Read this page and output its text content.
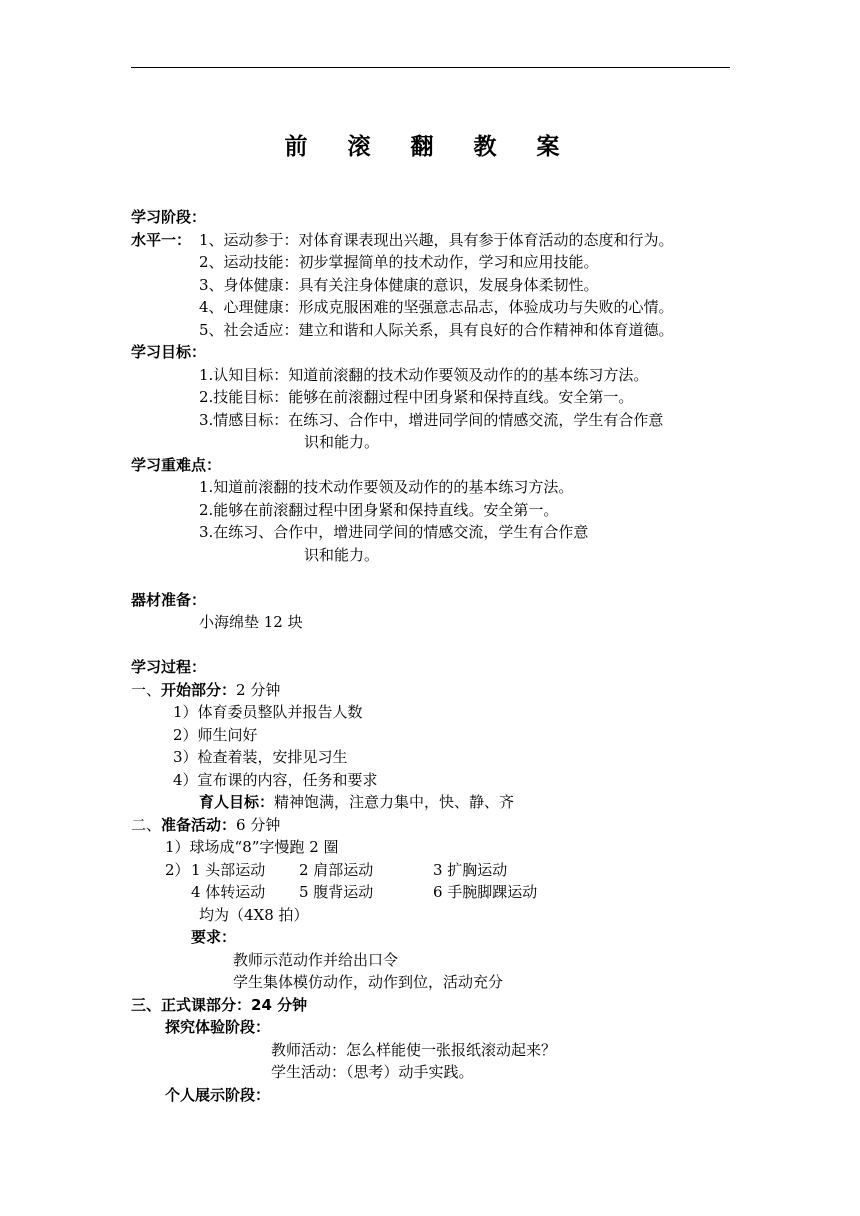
前 滚 翻 教 案
学习阶段：
水平一： 1、运动参于：对体育课表现出兴趣，具有参于体育活动的态度和行为。
2、运动技能：初步掌握简单的技术动作，学习和应用技能。
3、身体健康：具有关注身体健康的意识，发展身体柔韧性。
4、心理健康：形成克服困难的坚强意志品志，体验成功与失败的心情。
5、社会适应：建立和谐和人际关系，具有良好的合作精神和体育道德。
学习目标：
1.认知目标：知道前滚翻的技术动作要领及动作的的基本练习方法。
2.技能目标：能够在前滚翻过程中团身紧和保持直线。安全第一。
3.情感目标：在练习、合作中，增进同学间的情感交流，学生有合作意
识和能力。
学习重难点：
1.知道前滚翻的技术动作要领及动作的的基本练习方法。
2.能够在前滚翻过程中团身紧和保持直线。安全第一。
3.在练习、合作中，增进同学间的情感交流，学生有合作意
识和能力。
器材准备：
小海绵垫 12 块
学习过程：
一、开始部分：2 分钟
1）体育委员整队并报告人数
2）师生问好
3）检查着装，安排见习生
4）宣布课的内容，任务和要求
育人目标：精神饱满，注意力集中，快、静、齐
二、准备活动：6 分钟
1）球场成“8”字慢跑 2 圈
2） 1 头部运动 2 肩部运动	3 扩胸运动
4 体转运动 5 腹背运动	6 手腕脚踝运动
均为（4X8 拍）
要求：
教师示范动作并给出口令
学生集体模仿动作，动作到位，活动充分
三、正式课部分：24 分钟
探究体验阶段：
教师活动：怎么样能使一张报纸滚动起来？
学生活动：（思考）动手实践。
个人展示阶段：
